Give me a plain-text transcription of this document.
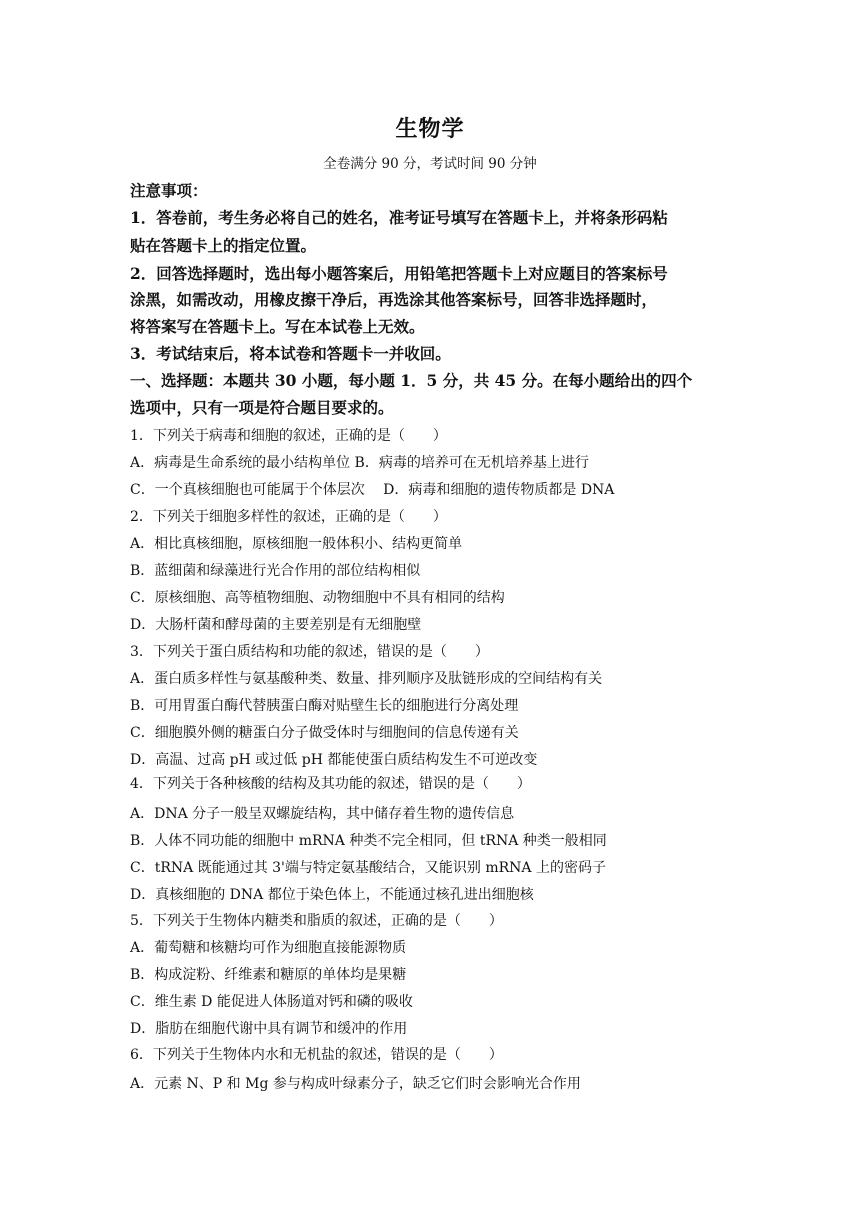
生物学
全卷满分 90 分，考试时间 90 分钟
注意事项：
1．答卷前，考生务必将自己的姓名，准考证号填写在答题卡上，并将条形码粘
贴在答题卡上的指定位置。
2．回答选择题时，选出每小题答案后，用铅笔把答题卡上对应题目的答案标号
涂黑，如需改动，用橡皮擦干净后，再选涂其他答案标号，回答非选择题时，
将答案写在答题卡上。写在本试卷上无效。
3．考试结束后，将本试卷和答题卡一并收回。
一、选择题：本题共 30 小题，每小题 1．5 分，共 45 分。在每小题给出的四个
选项中，只有一项是符合题目要求的。
1．下列关于病毒和细胞的叙述，正确的是（　　）
A．病毒是生命系统的最小结构单位 B．病毒的培养可在无机培养基上进行
C．一个真核细胞也可能属于个体层次　 D．病毒和细胞的遗传物质都是 DNA
2．下列关于细胞多样性的叙述，正确的是（　　）
A．相比真核细胞，原核细胞一般体积小、结构更简单
B．蓝细菌和绿藻进行光合作用的部位结构相似
C．原核细胞、高等植物细胞、动物细胞中不具有相同的结构
D．大肠杆菌和酵母菌的主要差别是有无细胞壁
3．下列关于蛋白质结构和功能的叙述，错误的是（　　）
A．蛋白质多样性与氨基酸种类、数量、排列顺序及肽链形成的空间结构有关
B．可用胃蛋白酶代替胰蛋白酶对贴壁生长的细胞进行分离处理
C．细胞膜外侧的糖蛋白分子做受体时与细胞间的信息传递有关
D．高温、过高 pH 或过低 pH 都能使蛋白质结构发生不可逆改变
4．下列关于各种核酸的结构及其功能的叙述，错误的是（　　）
A．DNA 分子一般呈双螺旋结构，其中储存着生物的遗传信息
B．人体不同功能的细胞中 mRNA 种类不完全相同，但 tRNA 种类一般相同
C．tRNA 既能通过其 3'端与特定氨基酸结合，又能识别 mRNA 上的密码子
D．真核细胞的 DNA 都位于染色体上，不能通过核孔进出细胞核
5．下列关于生物体内糖类和脂质的叙述，正确的是（　　）
A．葡萄糖和核糖均可作为细胞直接能源物质
B．构成淀粉、纤维素和糖原的单体均是果糖
C．维生素 D 能促进人体肠道对钙和磷的吸收
D．脂肪在细胞代谢中具有调节和缓冲的作用
6．下列关于生物体内水和无机盐的叙述，错误的是（　　）
A．元素 N、P 和 Mg 参与构成叶绿素分子，缺乏它们时会影响光合作用
